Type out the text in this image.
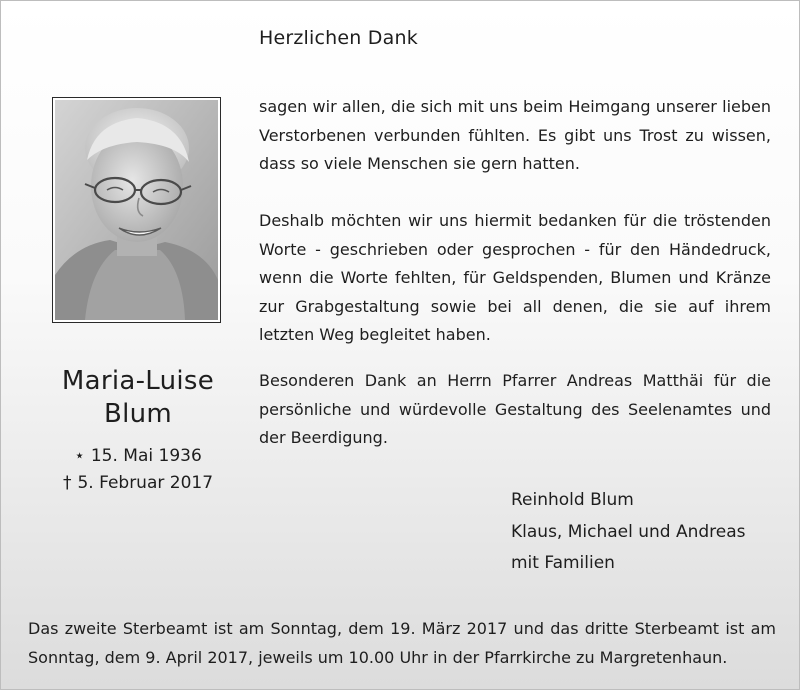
Herzlichen Dank
Maria-Luise
Blum
⋆ 15. Mai 1936
† 5. Februar 2017

sagen wir allen, die sich mit uns beim Heimgang unserer lieben Verstorbenen verbunden fühlten. Es gibt uns Trost zu wissen, dass so viele Menschen sie gern hatten.

Deshalb möchten wir uns hiermit bedanken für die tröstenden Worte - geschrieben oder gesprochen - für den Händedruck, wenn die Worte fehlten, für Geldspenden, Blumen und Kränze zur Grabgestaltung sowie bei all denen, die sie auf ihrem letzten Weg begleitet haben.

Besonderen Dank an Herrn Pfarrer Andreas Matthäi für die persönliche und würdevolle Gestaltung des Seelenamtes und der Beerdigung.

Reinhold Blum
Klaus, Michael und Andreas
mit Familien

Das zweite Sterbeamt ist am Sonntag, dem 19. März 2017 und das dritte Sterbeamt ist am Sonntag, dem 9. April 2017, jeweils um 10.00 Uhr in der Pfarrkirche zu Margretenhaun.
